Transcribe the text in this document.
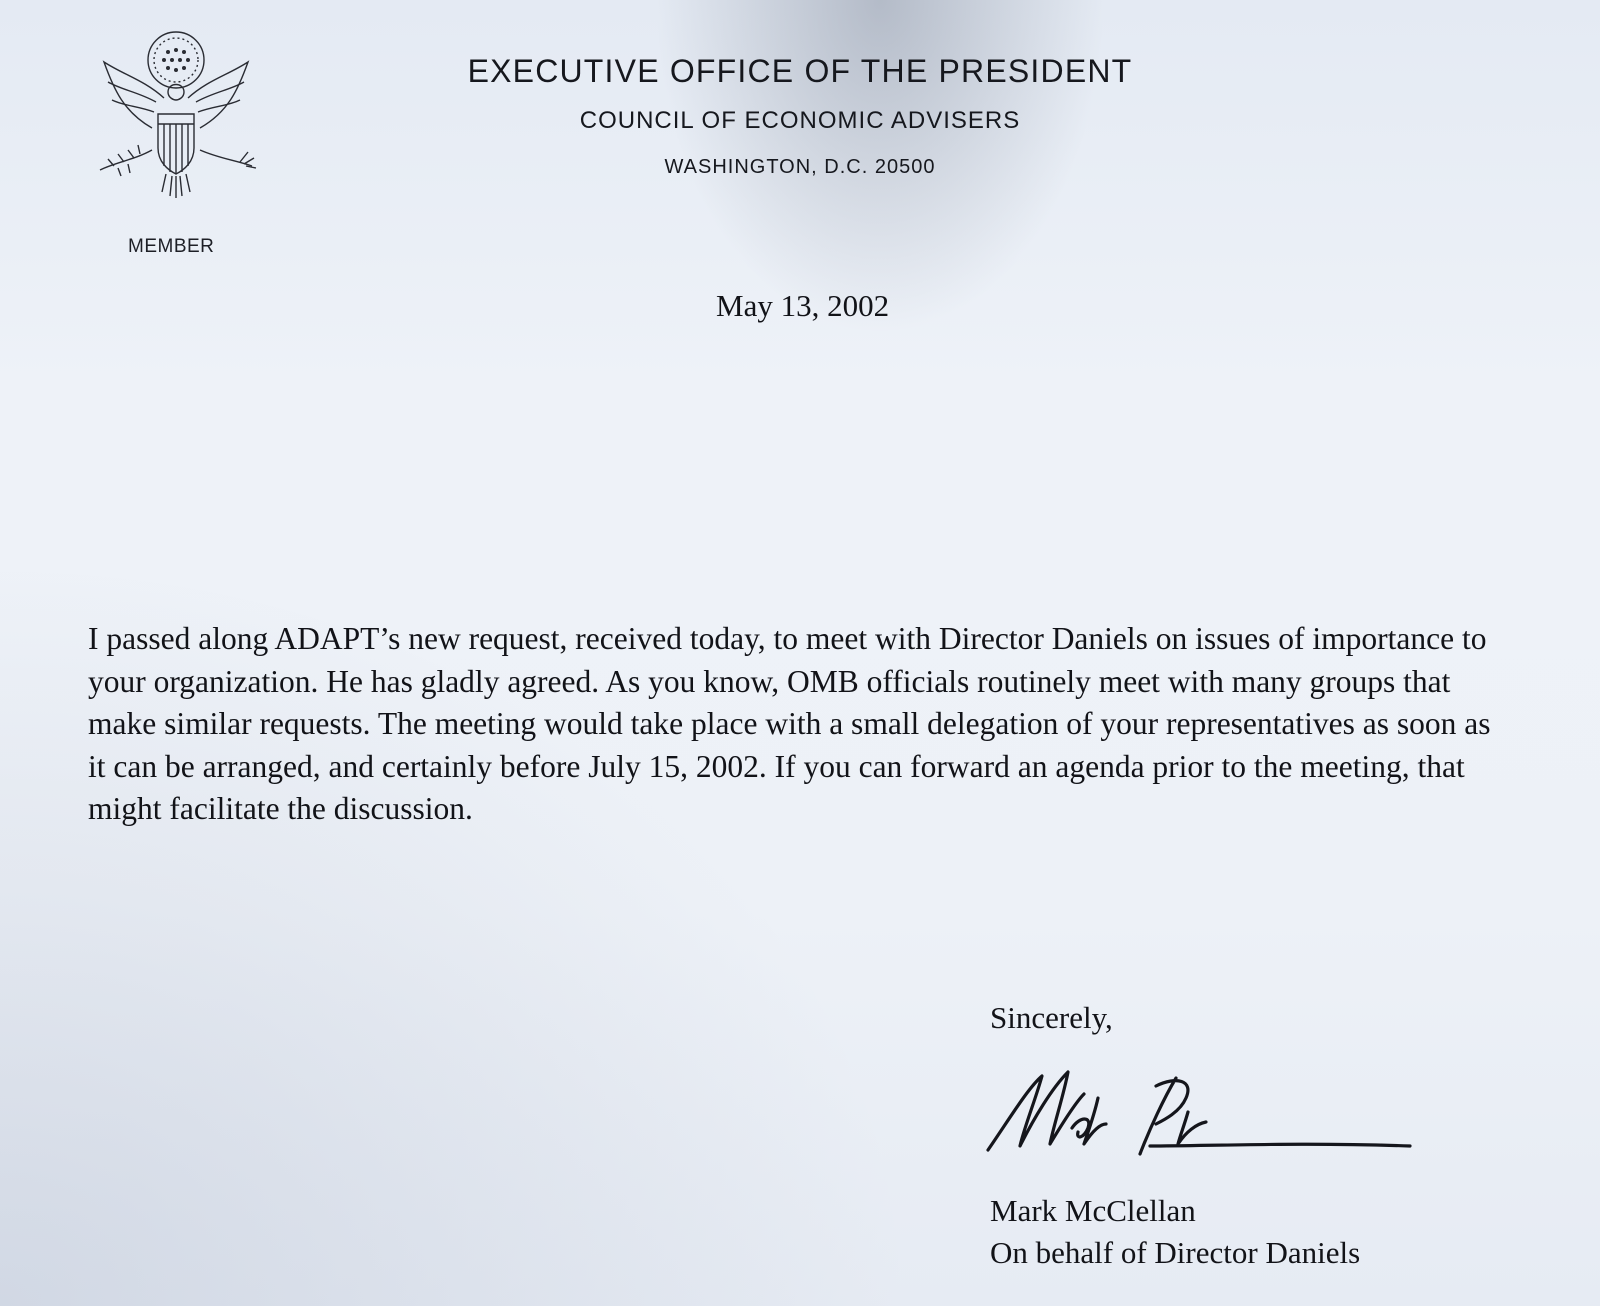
MEMBER
EXECUTIVE OFFICE OF THE PRESIDENT
COUNCIL OF ECONOMIC ADVISERS
WASHINGTON, D.C. 20500
May 13, 2002
I passed along ADAPT’s new request, received today, to meet with Director Daniels on issues of importance to your organization. He has gladly agreed. As you know, OMB officials routinely meet with many groups that make similar requests. The meeting would take place with a small delegation of your representatives as soon as it can be arranged, and certainly before July 15, 2002. If you can forward an agenda prior to the meeting, that might facilitate the discussion.
Sincerely,
Mark McClellan
On behalf of Director Daniels
